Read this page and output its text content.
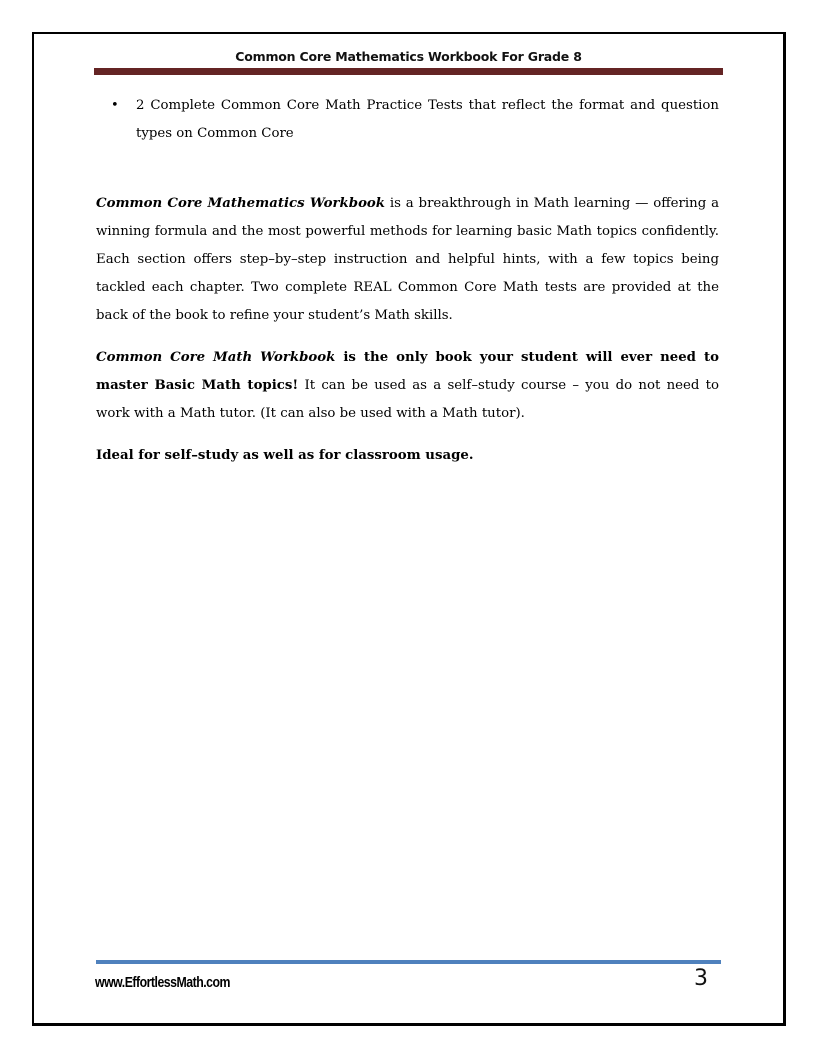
Common Core Mathematics Workbook For Grade 8
• 2 Complete Common Core Math Practice Tests that reflect the format and question types on Common Core

Common Core Mathematics Workbook is a breakthrough in Math learning — offering a winning formula and the most powerful methods for learning basic Math topics confidently. Each section offers step–by–step instruction and helpful hints, with a few topics being tackled each chapter. Two complete REAL Common Core Math tests are provided at the back of the book to refine your student’s Math skills.

Common Core Math Workbook is the only book your student will ever need to master Basic Math topics! It can be used as a self–study course – you do not need to work with a Math tutor. (It can also be used with a Math tutor).

Ideal for self–study as well as for classroom usage.

www.EffortlessMath.com	3
